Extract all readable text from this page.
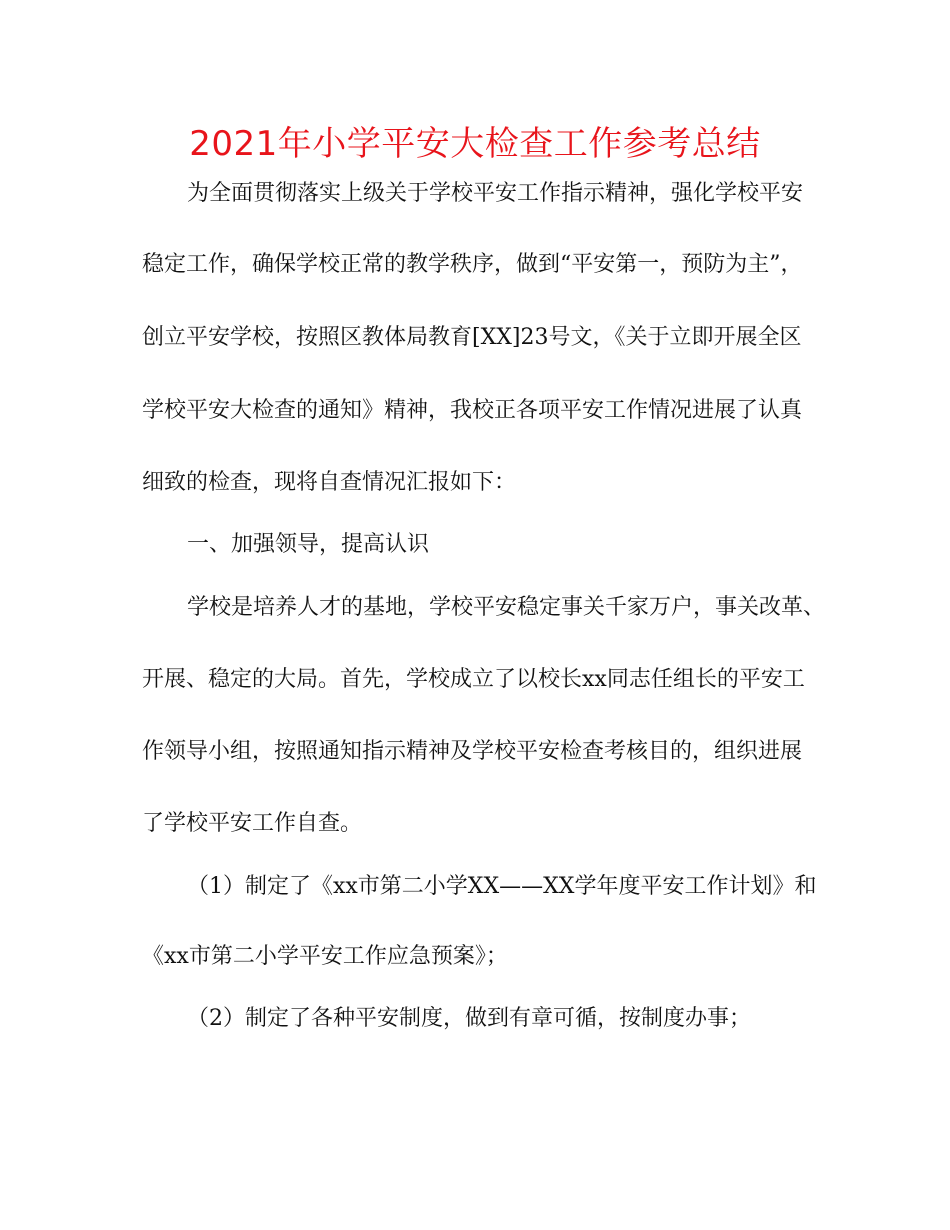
2021年小学平安大检查工作参考总结
为全面贯彻落实上级关于学校平安工作指示精神，强化学校平安
稳定工作，确保学校正常的教学秩序，做到“平安第一，预防为主”，
创立平安学校，按照区教体局教育[XX]23号文，《关于立即开展全区
学校平安大检查的通知》精神，我校正各项平安工作情况进展了认真
细致的检查，现将自查情况汇报如下：
一、加强领导，提高认识
学校是培养人才的基地，学校平安稳定事关千家万户，事关改革、
开展、稳定的大局。首先，学校成立了以校长xx同志任组长的平安工
作领导小组，按照通知指示精神及学校平安检查考核目的，组织进展
了学校平安工作自查。
（1）制定了《xx市第二小学XX——XX学年度平安工作计划》和
《xx市第二小学平安工作应急预案》；
（2）制定了各种平安制度，做到有章可循，按制度办事；
